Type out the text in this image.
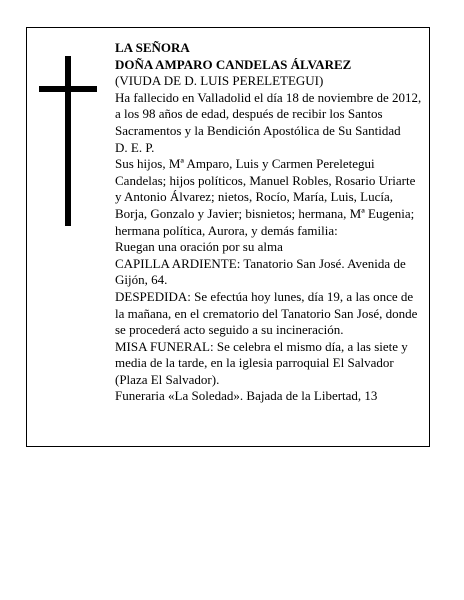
LA SEÑORA

DOÑA AMPARO CANDELAS ÁLVAREZ

(VIUDA DE D. LUIS PERELETEGUI)

Ha fallecido en Valladolid el día 18 de noviembre de 2012, a los 98 años de edad, después de recibir los Santos Sacramentos y la Bendición Apostólica de Su Santidad

D. E. P.

Sus hijos, Mª Amparo, Luis y Carmen Pereletegui Candelas; hijos políticos, Manuel Robles, Rosario Uriarte y Antonio Álvarez; nietos, Rocío, María, Luis, Lucía, Borja, Gonzalo y Javier; bisnietos; hermana, Mª Eugenia; hermana política, Aurora, y demás familia:

Ruegan una oración por su alma

CAPILLA ARDIENTE: Tanatorio San José. Avenida de Gijón, 64.

DESPEDIDA: Se efectúa hoy lunes, día 19, a las once de la mañana, en el crematorio del Tanatorio San José, donde se procederá acto seguido a su incineración.

MISA FUNERAL: Se celebra el mismo día, a las siete y media de la tarde, en la iglesia parroquial El Salvador (Plaza El Salvador).

Funeraria «La Soledad». Bajada de la Libertad, 13
